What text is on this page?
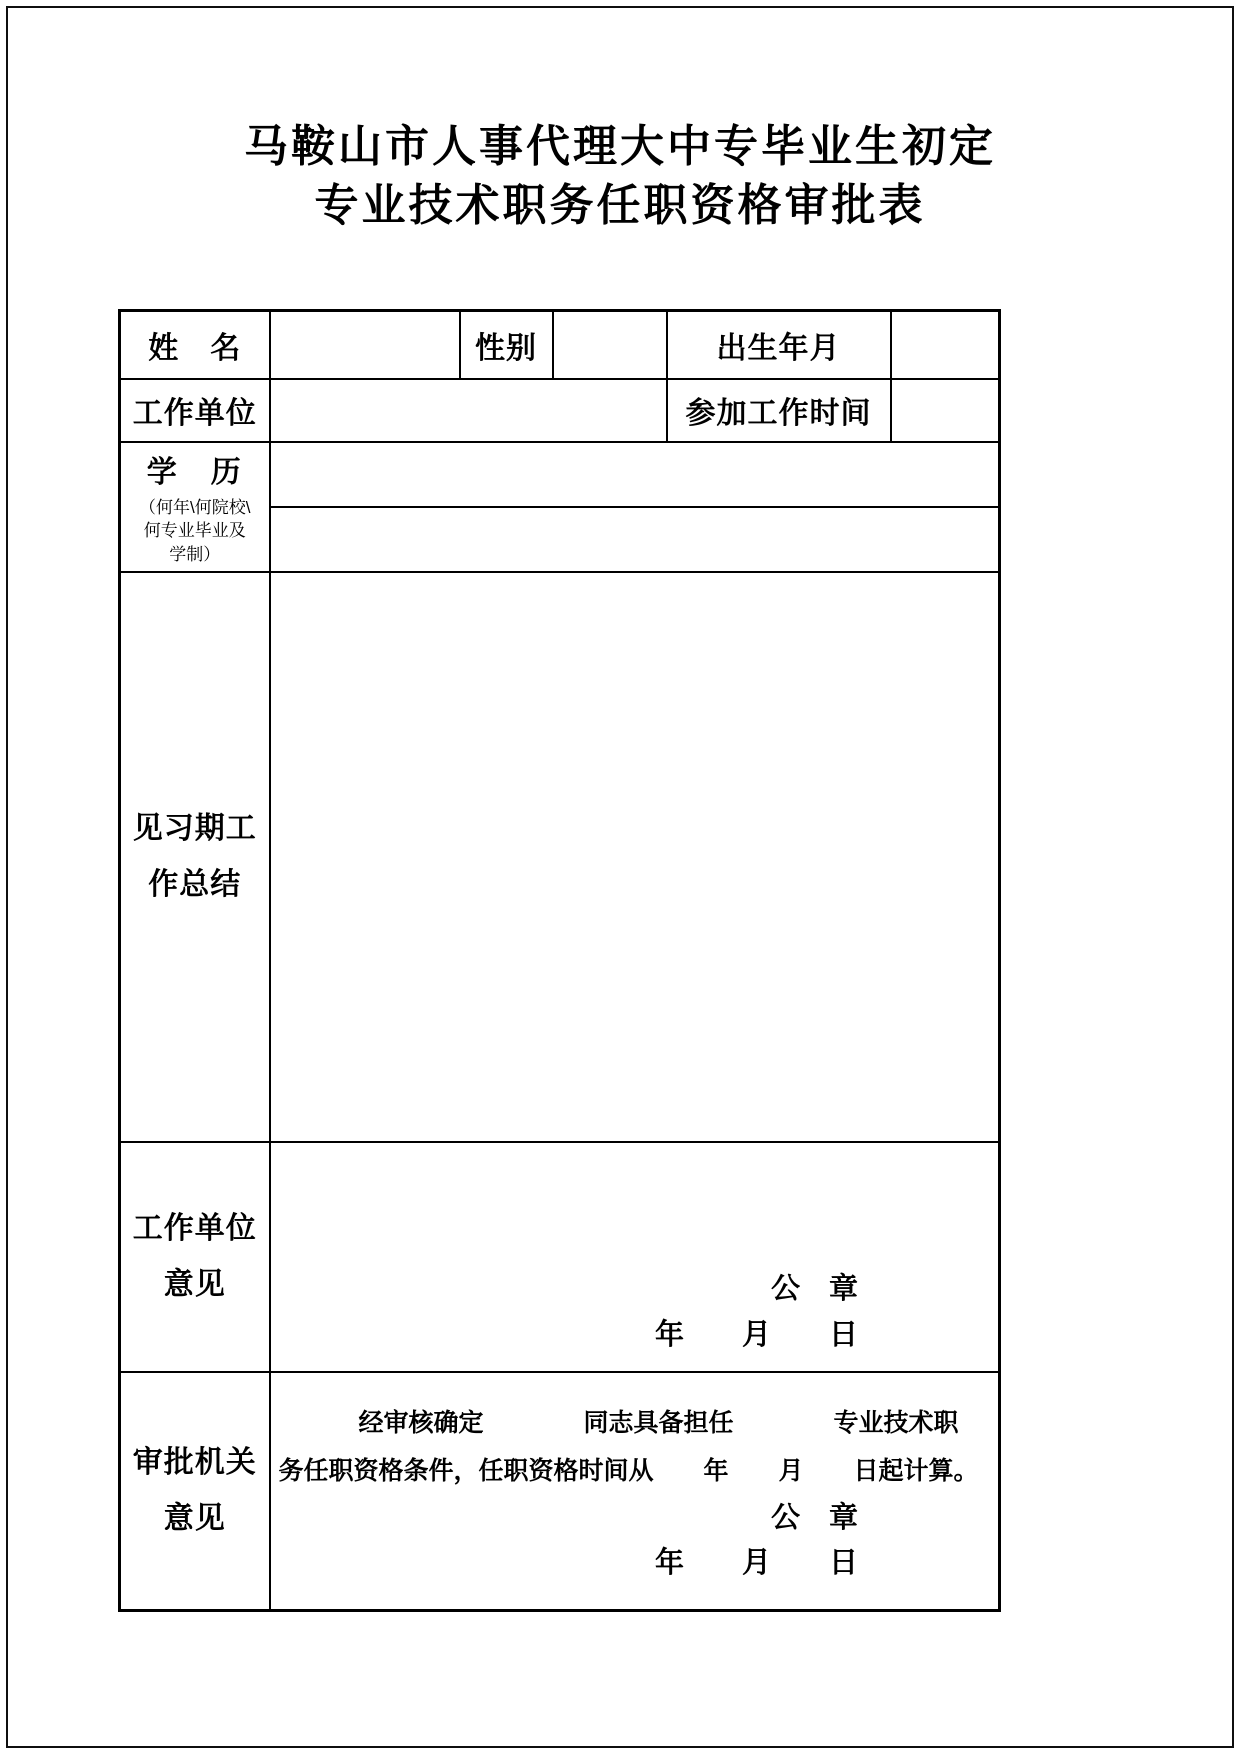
马鞍山市人事代理大中专毕业生初定
专业技术职务任职资格审批表
姓　名		性别		出生年月	
工作单位				参加工作时间	

学　历
（何年\何院校\
何专业毕业及
学制）					

见习期工
作总结					

工作单位
意见	公　章
年　　月　　日

审批机关
意见

经审核确定　　　　同志具备担任　　　　专业技术职
务任职资格条件，任职资格时间从　　年　　月　　日起计算。
公　章
年　　月　　日
